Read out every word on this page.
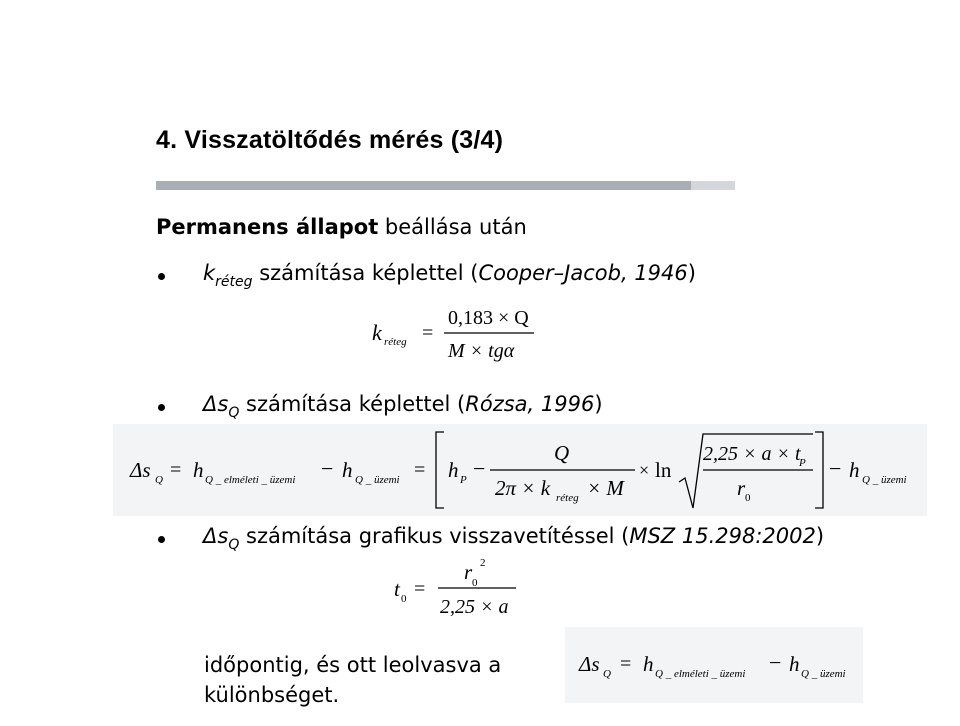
4. Visszatöltődés mérés (3/4)
Permanens állapot beállása után
$k_{réteg}$ számítása képlettel (Cooper–Jacob, 1946)
k réteg =
0,183 × Q
M × tgα
$\Delta s_Q$ számítása képlettel (Rózsa, 1996)
Δs Q = h Q _ elméleti _ üzemi − h Q _ üzemi = h P −
Q
2π × k réteg × M
× ln
2,25 × a × t
P
r 0
− h Q _ üzemi
$\Delta s_Q$ számítása grafikus visszavetítéssel (MSZ 15.298:2002)
t 0 =
r 0
2
2,25 × a
időpontig, és ott leolvasva a
különbséget.
Δs Q = h Q _ elméleti _ üzemi − h Q _ üzemi
